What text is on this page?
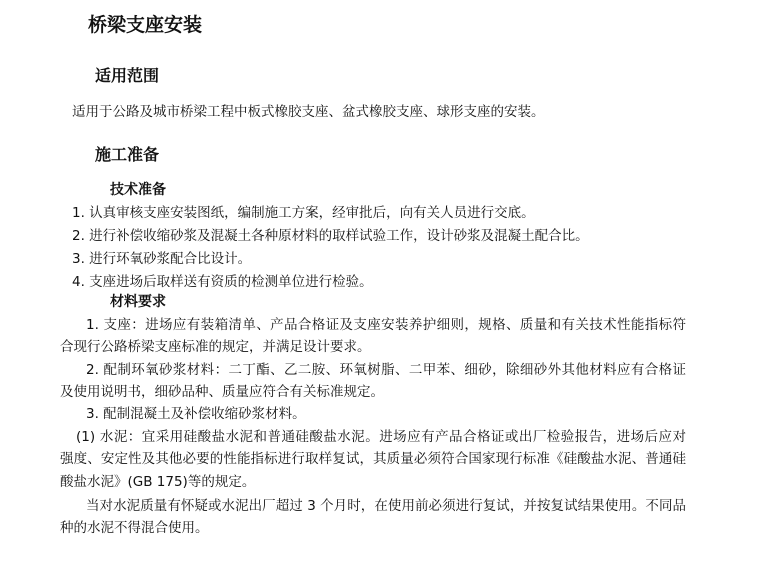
桥梁支座安装
适用范围
适用于公路及城市桥梁工程中板式橡胶支座、盆式橡胶支座、球形支座的安装。
施工准备
技术准备
1. 认真审核支座安装图纸，编制施工方案，经审批后，向有关人员进行交底。
2. 进行补偿收缩砂浆及混凝土各种原材料的取样试验工作，设计砂浆及混凝土配合比。
3. 进行环氧砂浆配合比设计。
4. 支座进场后取样送有资质的检测单位进行检验。
材料要求
1. 支座：进场应有装箱清单、产品合格证及支座安装养护细则，规格、质量和有关技术性能指标符
合现行公路桥梁支座标准的规定，并满足设计要求。
2. 配制环氧砂浆材料：二丁酯、乙二胺、环氧树脂、二甲苯、细砂，除细砂外其他材料应有合格证
及使用说明书，细砂品种、质量应符合有关标准规定。
3. 配制混凝土及补偿收缩砂浆材料。
(1) 水泥：宜采用硅酸盐水泥和普通硅酸盐水泥。进场应有产品合格证或出厂检验报告，进场后应对
强度、安定性及其他必要的性能指标进行取样复试，其质量必须符合国家现行标准《硅酸盐水泥、普通硅
酸盐水泥》(GB 175)等的规定。
当对水泥质量有怀疑或水泥出厂超过 3 个月时，在使用前必须进行复试，并按复试结果使用。不同品
种的水泥不得混合使用。
